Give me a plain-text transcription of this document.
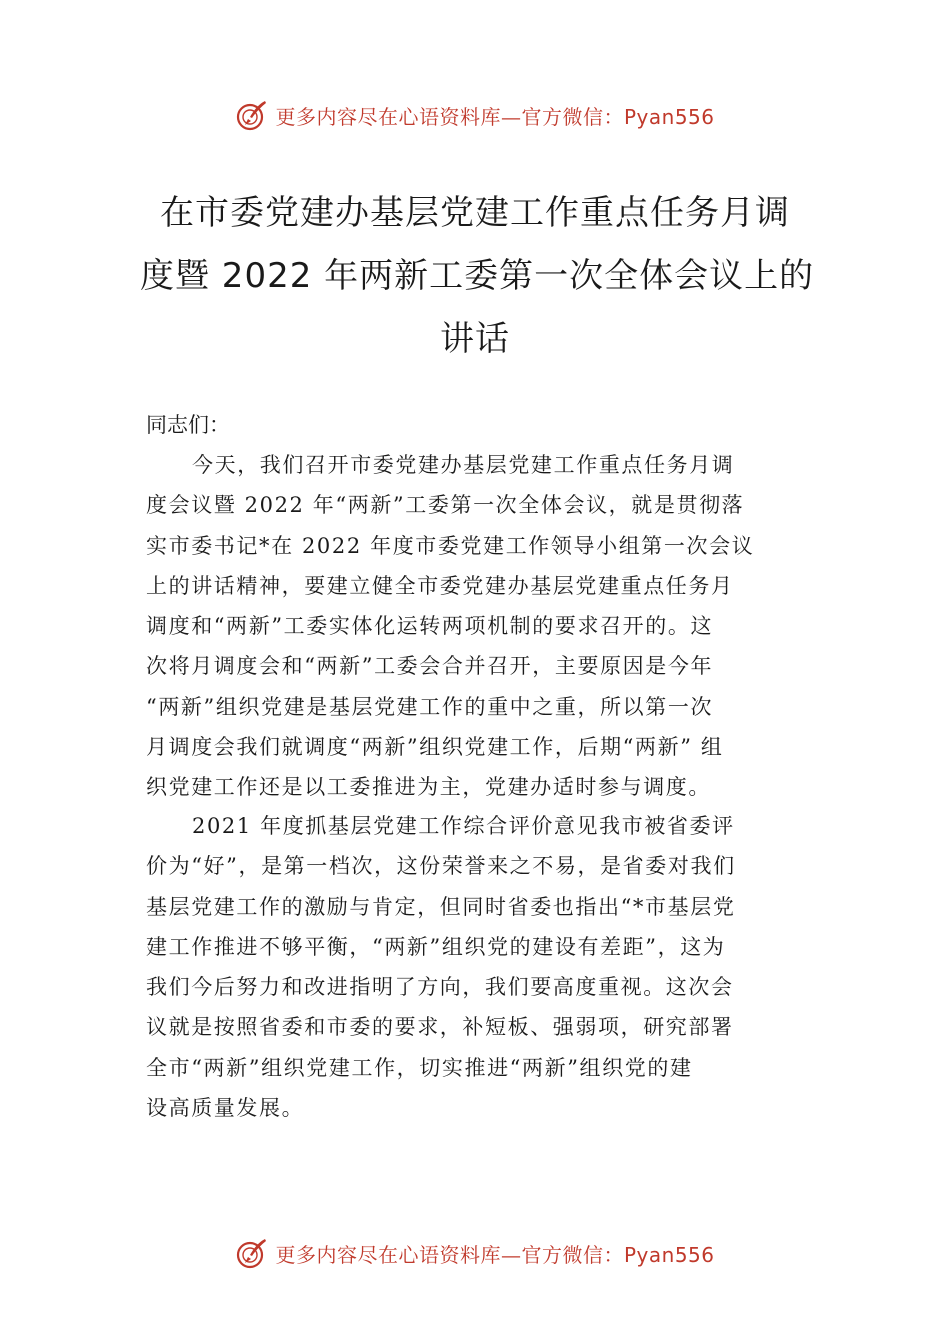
更多内容尽在心语资料库—官方微信：Pyan556
在市委党建办基层党建工作重点任务月调
度暨 2022 年两新工委第一次全体会议上的
讲话
同志们：
今天，我们召开市委党建办基层党建工作重点任务月调
度会议暨 2022 年“两新”工委第一次全体会议，就是贯彻落
实市委书记*在 2022 年度市委党建工作领导小组第一次会议
上的讲话精神，要建立健全市委党建办基层党建重点任务月
调度和“两新”工委实体化运转两项机制的要求召开的。这
次将月调度会和“两新”工委会合并召开，主要原因是今年
“两新”组织党建是基层党建工作的重中之重，所以第一次
月调度会我们就调度“两新”组织党建工作，后期“两新” 组
织党建工作还是以工委推进为主，党建办适时参与调度。
2021 年度抓基层党建工作综合评价意见我市被省委评
价为“好”，是第一档次，这份荣誉来之不易，是省委对我们
基层党建工作的激励与肯定，但同时省委也指出“*市基层党
建工作推进不够平衡，“两新”组织党的建设有差距”，这为
我们今后努力和改进指明了方向，我们要高度重视。这次会
议就是按照省委和市委的要求，补短板、强弱项，研究部署
全市“两新”组织党建工作，切实推进“两新”组织党的建
设高质量发展。
更多内容尽在心语资料库—官方微信：Pyan556
